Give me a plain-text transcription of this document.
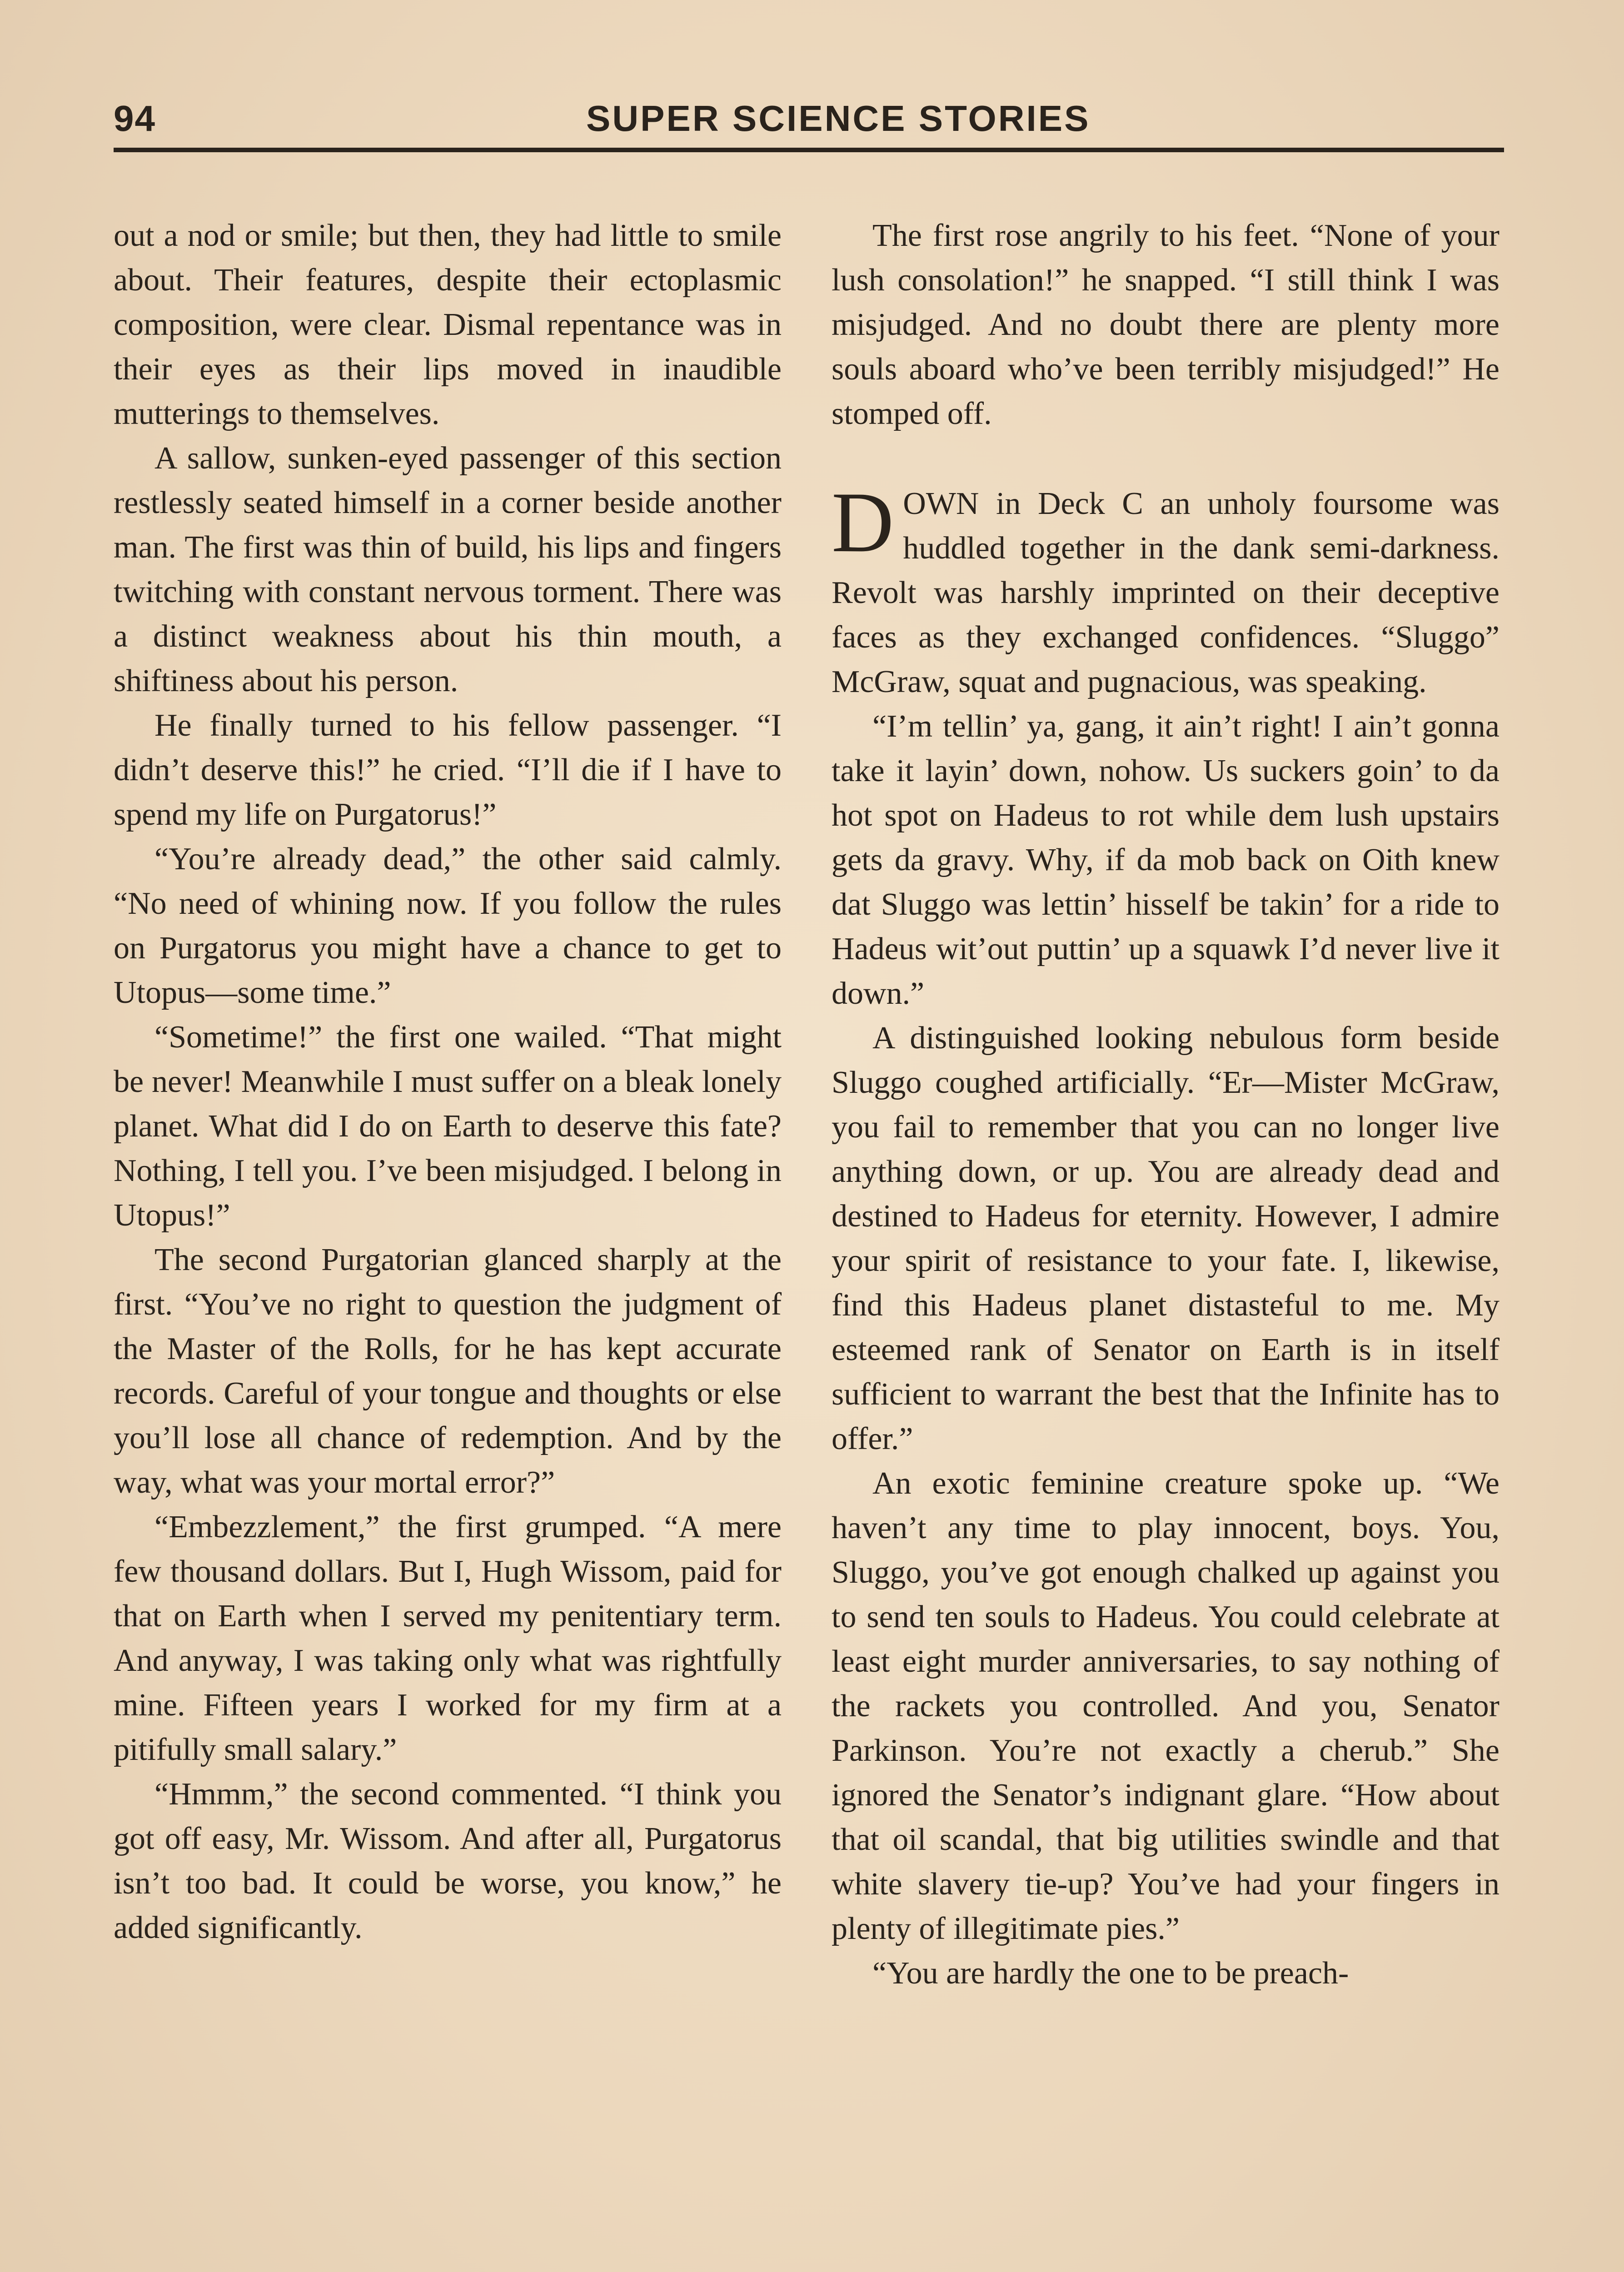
94	SUPER SCIENCE STORIES

out a nod or smile; but then, they had little to smile about. Their features, despite their ectoplasmic composition, were clear. Dismal repentance was in their eyes as their lips moved in inaudible mutterings to themselves.

A sallow, sunken-eyed passenger of this section restlessly seated himself in a corner beside another man. The first was thin of build, his lips and fingers twitching with constant nervous torment. There was a distinct weakness about his thin mouth, a shiftiness about his person.

He finally turned to his fellow passenger. “I didn’t deserve this!” he cried. “I’ll die if I have to spend my life on Purgatorus!”

“You’re already dead,” the other said calmly. “No need of whining now. If you follow the rules on Purgatorus you might have a chance to get to Utopus—some time.”

“Sometime!” the first one wailed. “That might be never! Meanwhile I must suffer on a bleak lonely planet. What did I do on Earth to deserve this fate? Nothing, I tell you. I’ve been misjudged. I belong in Utopus!”

The second Purgatorian glanced sharply at the first. “You’ve no right to question the judgment of the Master of the Rolls, for he has kept accurate records. Careful of your tongue and thoughts or else you’ll lose all chance of redemption. And by the way, what was your mortal error?”

“Embezzlement,” the first grumped. “A mere few thousand dollars. But I, Hugh Wissom, paid for that on Earth when I served my penitentiary term. And anyway, I was taking only what was rightfully mine. Fifteen years I worked for my firm at a pitifully small salary.”

“Hmmm,” the second commented. “I think you got off easy, Mr. Wissom. And after all, Purgatorus isn’t too bad. It could be worse, you know,” he added significantly.

The first rose angrily to his feet. “None of your lush consolation!” he snapped. “I still think I was misjudged. And no doubt there are plenty more souls aboard who’ve been terribly misjudged!” He stomped off.

DOWN in Deck C an unholy foursome was huddled together in the dank semi-darkness. Revolt was harshly imprinted on their deceptive faces as they exchanged confidences. “Sluggo” McGraw, squat and pugnacious, was speaking.

“I’m tellin’ ya, gang, it ain’t right! I ain’t gonna take it layin’ down, nohow. Us suckers goin’ to da hot spot on Hadeus to rot while dem lush upstairs gets da gravy. Why, if da mob back on Oith knew dat Sluggo was lettin’ hisself be takin’ for a ride to Hadeus wit’out puttin’ up a squawk I’d never live it down.”

A distinguished looking nebulous form beside Sluggo coughed artificially. “Er—Mister McGraw, you fail to remember that you can no longer live anything down, or up. You are already dead and destined to Hadeus for eternity. However, I admire your spirit of resistance to your fate. I, likewise, find this Hadeus planet distasteful to me. My esteemed rank of Senator on Earth is in itself sufficient to warrant the best that the Infinite has to offer.”

An exotic feminine creature spoke up. “We haven’t any time to play innocent, boys. You, Sluggo, you’ve got enough chalked up against you to send ten souls to Hadeus. You could celebrate at least eight murder anniversaries, to say nothing of the rackets you controlled. And you, Senator Parkinson. You’re not exactly a cherub.” She ignored the Senator’s indignant glare. “How about that oil scandal, that big utilities swindle and that white slavery tie-up? You’ve had your fingers in plenty of illegitimate pies.”

“You are hardly the one to be preach-
